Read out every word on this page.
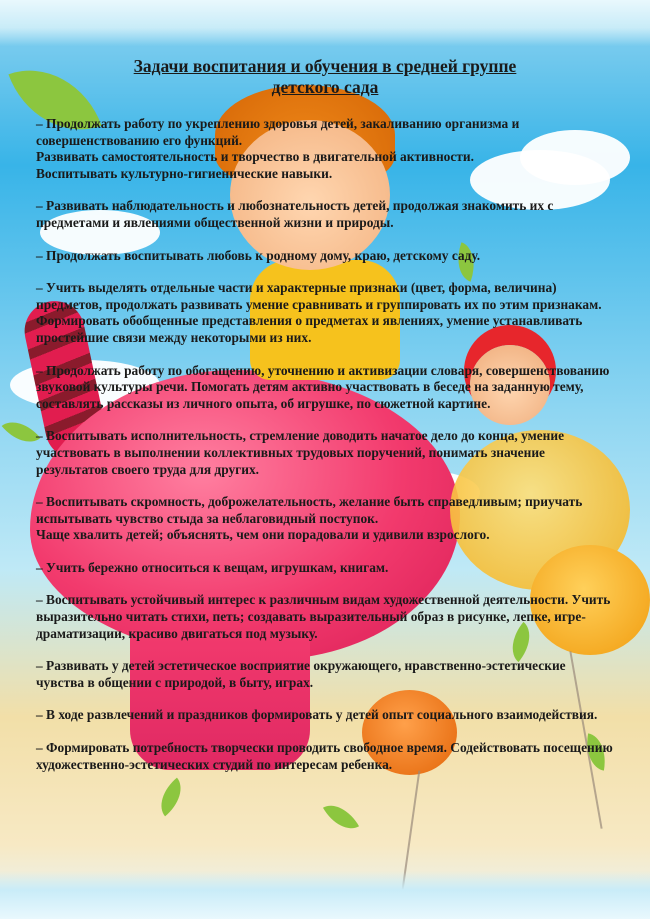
Задачи воспитания и обучения в средней группе
детского сада

– Продолжать работу по укреплению здоровья детей, закаливанию организма и совершенствованию его функций.

Развивать самостоятельность и творчество в двигательной активности.

Воспитывать культурно-гигиенические навыки.

– Развивать наблюдательность и любознательность детей, продолжая знакомить их с предметами и явлениями общественной жизни и природы.

– Продолжать воспитывать любовь к родному дому, краю, детскому саду.

– Учить выделять отдельные части и характерные признаки (цвет, форма, величина) предметов, продолжать развивать умение сравнивать и группировать их по этим признакам. Формировать обобщенные представления о предметах и явлениях, умение устанавливать простейшие связи между некоторыми из них.

– Продолжать работу по обогащению, уточнению и активизации словаря, совершенствованию звуковой культуры речи. Помогать детям активно участвовать в беседе на заданную тему, составлять рассказы из личного опыта, об игрушке, по сюжетной картине.

– Воспитывать исполнительность, стремление доводить начатое дело до конца, умение участвовать в выполнении коллективных трудовых поручений, понимать значение результатов своего труда для других.

– Воспитывать скромность, доброжелательность, желание быть справедливым; приучать испытывать чувство стыда за неблаговидный поступок.

Чаще хвалить детей; объяснять, чем они порадовали и удивили взрослого.

– Учить бережно относиться к вещам, игрушкам, книгам.

– Воспитывать устойчивый интерес к различным видам художественной деятельности. Учить выразительно читать стихи, петь; создавать выразительный образ в рисунке, лепке, игре-драматизации, красиво двигаться под музыку.

– Развивать у детей эстетическое восприятие окружающего, нравственно-эстетические чувства в общении с природой, в быту, играх.

– В ходе развлечений и праздников формировать у детей опыт социального взаимодействия.

– Формировать потребность творчески проводить свободное время. Содействовать посещению художественно-эстетических студий по интересам ребенка.
